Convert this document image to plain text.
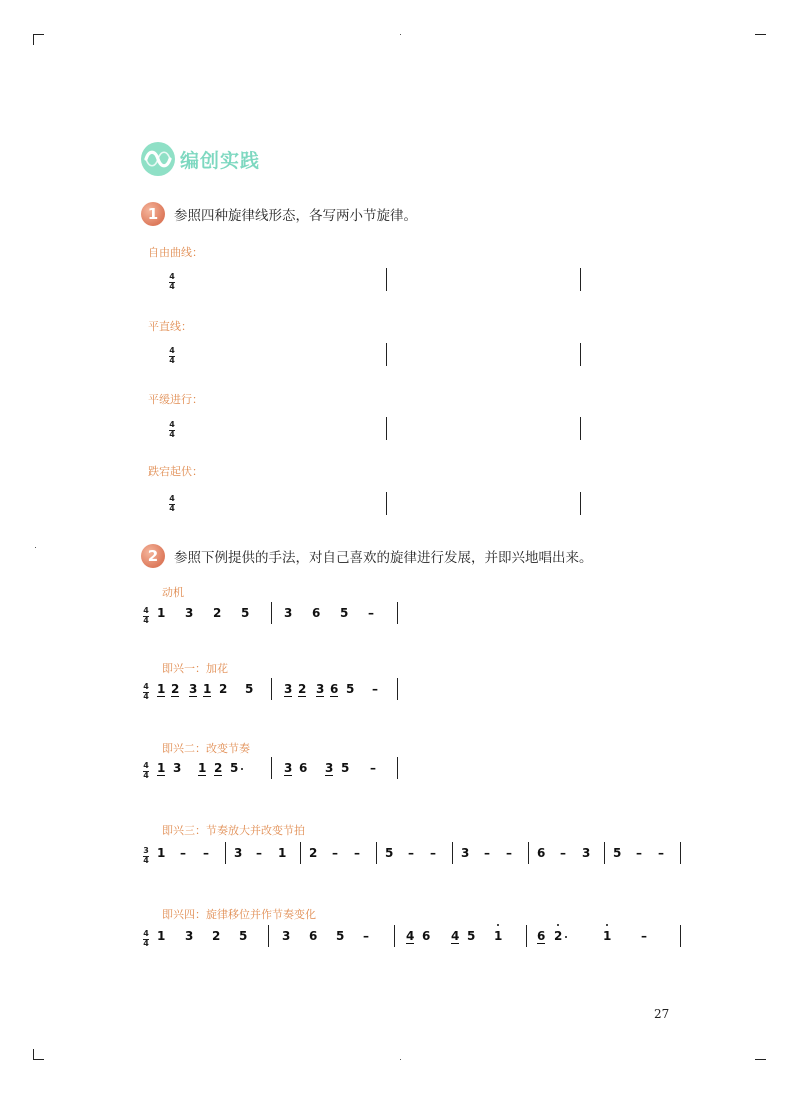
编创实践
1	参照四种旋律线形态，各写两小节旋律。
自由曲线：
4
4
平直线：
4
4
平缓进行：
4
4
跌宕起伏：
4
4
2	参照下例提供的手法，对自己喜欢的旋律进行发展，并即兴地唱出来。
动机
4
4
1 3 2 5	3 6 5 –
即兴一：加花
4
4
1 2 3 1 2 5	3 2 3 6 5 –
即兴二：改变节奏
4
4
1 3 1 2 5	3 6 3 5 –
即兴三：节奏放大并改变节拍
3
4
1 – – 3 – 1 2 – – 5 – – 3 – – 6 – 3 5 – –
即兴四：旋律移位并作节奏变化
4
4
1 3 2 5	3 6 5 –	4 6 4 5 1	6 2	1 –
27
